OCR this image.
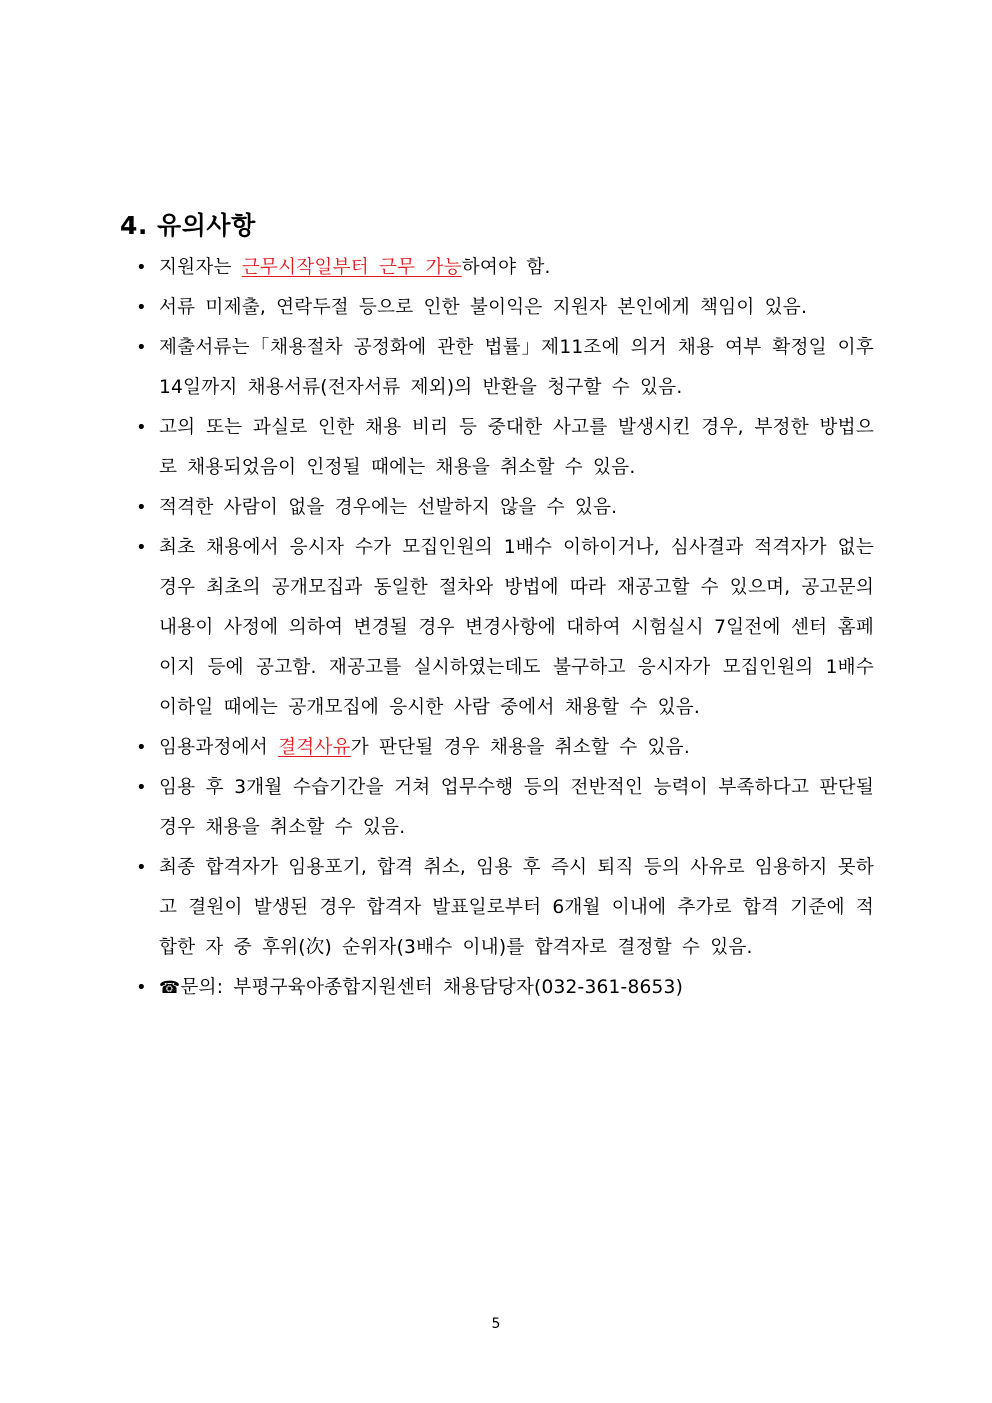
4. 유의사항
• 지원자는 근무시작일부터 근무 가능하여야 함.
• 서류 미제출, 연락두절 등으로 인한 불이익은 지원자 본인에게 책임이 있음.
• 제출서류는「채용절차 공정화에 관한 법률」제11조에 의거 채용 여부 확정일 이후 14일까지 채용서류(전자서류 제외)의 반환을 청구할 수 있음.
• 고의 또는 과실로 인한 채용 비리 등 중대한 사고를 발생시킨 경우, 부정한 방법으로 채용되었음이 인정될 때에는 채용을 취소할 수 있음.
• 적격한 사람이 없을 경우에는 선발하지 않을 수 있음.
• 최초 채용에서 응시자 수가 모집인원의 1배수 이하이거나, 심사결과 적격자가 없는 경우 최초의 공개모집과 동일한 절차와 방법에 따라 재공고할 수 있으며, 공고문의 내용이 사정에 의하여 변경될 경우 변경사항에 대하여 시험실시 7일전에 센터 홈페이지 등에 공고함. 재공고를 실시하였는데도 불구하고 응시자가 모집인원의 1배수 이하일 때에는 공개모집에 응시한 사람 중에서 채용할 수 있음.
• 임용과정에서 결격사유가 판단될 경우 채용을 취소할 수 있음.
• 임용 후 3개월 수습기간을 거쳐 업무수행 등의 전반적인 능력이 부족하다고 판단될 경우 채용을 취소할 수 있음.
• 최종 합격자가 임용포기, 합격 취소, 임용 후 즉시 퇴직 등의 사유로 임용하지 못하고 결원이 발생된 경우 합격자 발표일로부터 6개월 이내에 추가로 합격 기준에 적합한 자 중 후위(次) 순위자(3배수 이내)를 합격자로 결정할 수 있음.
• ☎문의: 부평구육아종합지원센터 채용담당자(032-361-8653)
5
